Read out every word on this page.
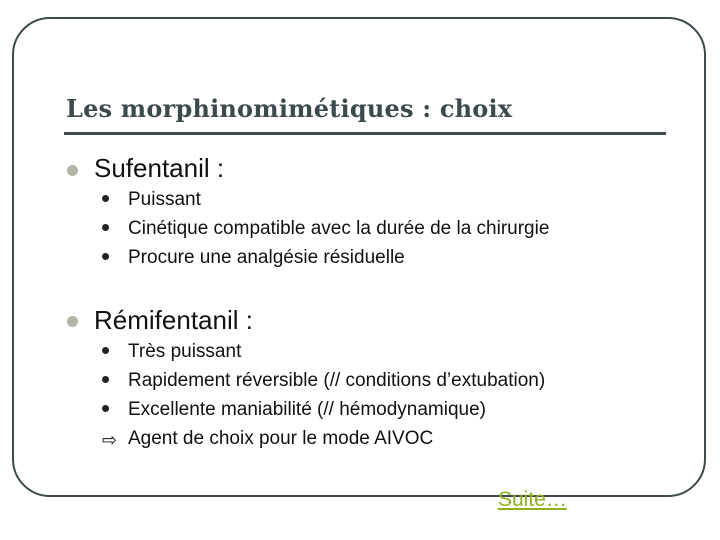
Les morphinomimétiques : choix
Sufentanil :
• Puissant
• Cinétique compatible avec la durée de la chirurgie
• Procure une analgésie résiduelle
Rémifentanil :
• Très puissant
• Rapidement réversible (// conditions d’extubation)
• Excellente maniabilité (// hémodynamique)
⇨ Agent de choix pour le mode AIVOC
Suite…
